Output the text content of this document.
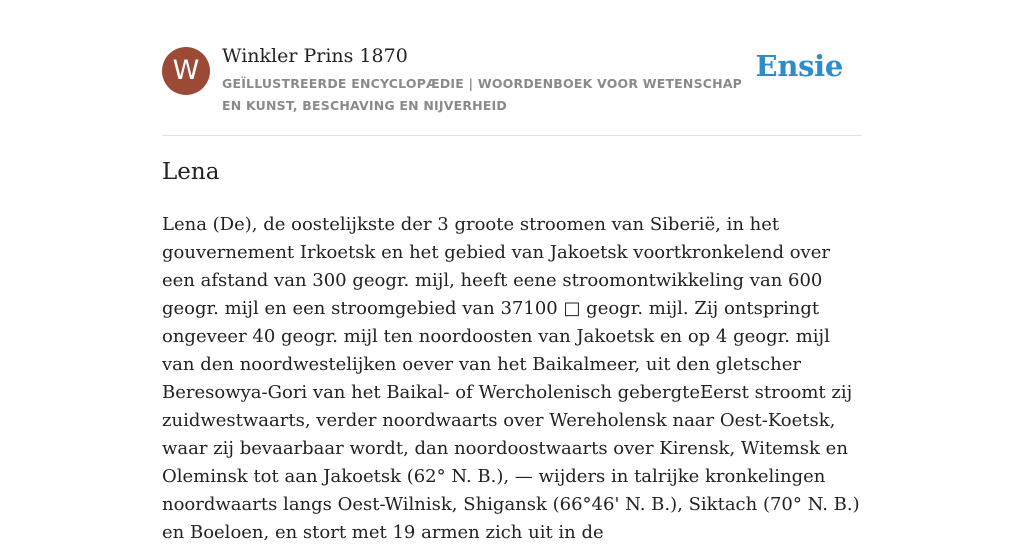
W	Winkler Prins 1870
GEÏLLUSTREERDE ENCYCLOPÆDIE | WOORDENBOEK VOOR WETENSCHAP EN KUNST, BESCHAVING EN NIJVERHEID
Ensie
Lena

Lena (De), de oostelijkste der 3 groote stroomen van Siberië, in het gouvernement Irkoetsk en het gebied van Jakoetsk voortkronkelend over een afstand van 300 geogr. mijl, heeft eene stroomontwikkeling van 600 geogr. mijl en een stroomgebied van 37100 □ geogr. mijl. Zij ontspringt ongeveer 40 geogr. mijl ten noordoosten van Jakoetsk en op 4 geogr. mijl van den noordwestelijken oever van het Baikalmeer, uit den gletscher Beresowya-Gori van het Baikal- of Wercholenisch gebergteEerst stroomt zij zuidwestwaarts, verder noordwaarts over Wereholensk naar Oest-Koetsk, waar zij bevaarbaar wordt, dan noordoostwaarts over Kirensk, Witemsk en Oleminsk tot aan Jakoetsk (62° N. B.), — wijders in talrijke kronkelingen noordwaarts langs Oest-Wilnisk, Shigansk (66°46' N. B.), Siktach (70° N. B.) en Boeloen, en stort met 19 armen zich uit in de
